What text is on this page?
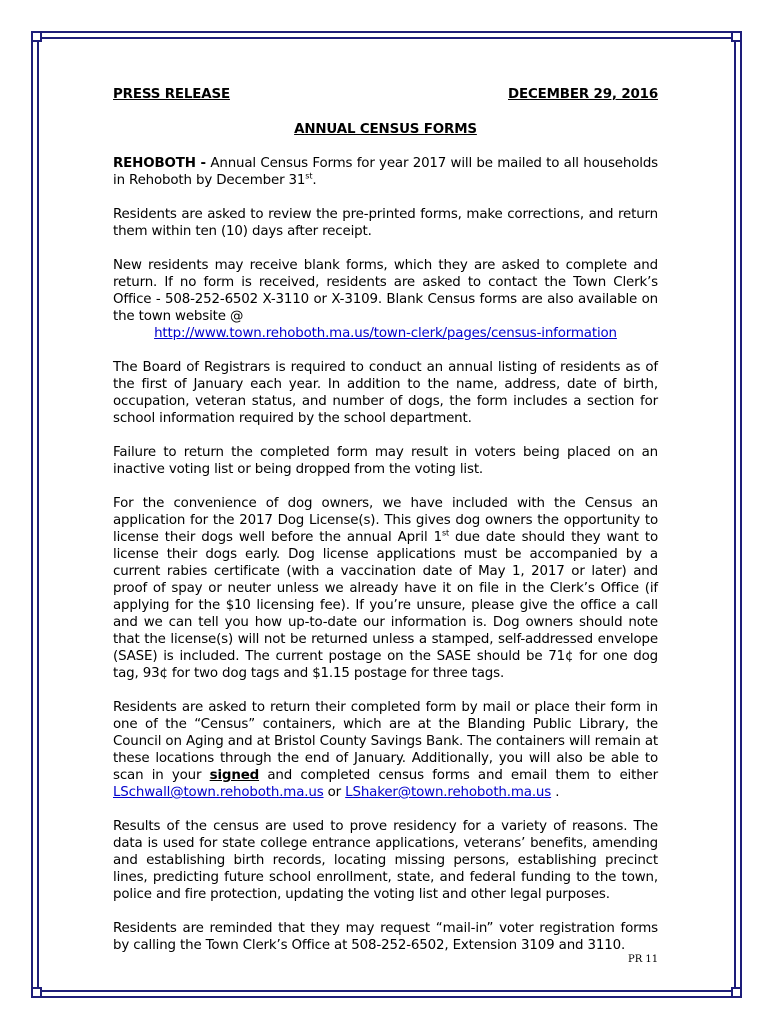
PRESS RELEASE	DECEMBER 29, 2016
ANNUAL CENSUS FORMS

REHOBOTH - Annual Census Forms for year 2017 will be mailed to all households in Rehoboth by December 31st.

Residents are asked to review the pre-printed forms, make corrections, and return them within ten (10) days after receipt.

New residents may receive blank forms, which they are asked to complete and return. If no form is received, residents are asked to contact the Town Clerk’s Office - 508-252-6502 X-3110 or X-3109. Blank Census forms are also available on the town website @

http://www.town.rehoboth.ma.us/town-clerk/pages/census-information

The Board of Registrars is required to conduct an annual listing of residents as of the first of January each year. In addition to the name, address, date of birth, occupation, veteran status, and number of dogs, the form includes a section for school information required by the school department.

Failure to return the completed form may result in voters being placed on an inactive voting list or being dropped from the voting list.

For the convenience of dog owners, we have included with the Census an application for the 2017 Dog License(s). This gives dog owners the opportunity to license their dogs well before the annual April 1st due date should they want to license their dogs early. Dog license applications must be accompanied by a current rabies certificate (with a vaccination date of May 1, 2017 or later) and proof of spay or neuter unless we already have it on file in the Clerk’s Office (if applying for the $10 licensing fee). If you’re unsure, please give the office a call and we can tell you how up-to-date our information is. Dog owners should note that the license(s) will not be returned unless a stamped, self-addressed envelope (SASE) is included. The current postage on the SASE should be 71¢ for one dog tag, 93¢ for two dog tags and $1.15 postage for three tags.

Residents are asked to return their completed form by mail or place their form in one of the “Census” containers, which are at the Blanding Public Library, the Council on Aging and at Bristol County Savings Bank. The containers will remain at these locations through the end of January. Additionally, you will also be able to scan in your signed and completed census forms and email them to either LSchwall@town.rehoboth.ma.us or LShaker@town.rehoboth.ma.us .

Results of the census are used to prove residency for a variety of reasons. The data is used for state college entrance applications, veterans’ benefits, amending and establishing birth records, locating missing persons, establishing precinct lines, predicting future school enrollment, state, and federal funding to the town, police and fire protection, updating the voting list and other legal purposes.

Residents are reminded that they may request “mail-in” voter registration forms by calling the Town Clerk’s Office at 508-252-6502, Extension 3109 and 3110.

PR 11
